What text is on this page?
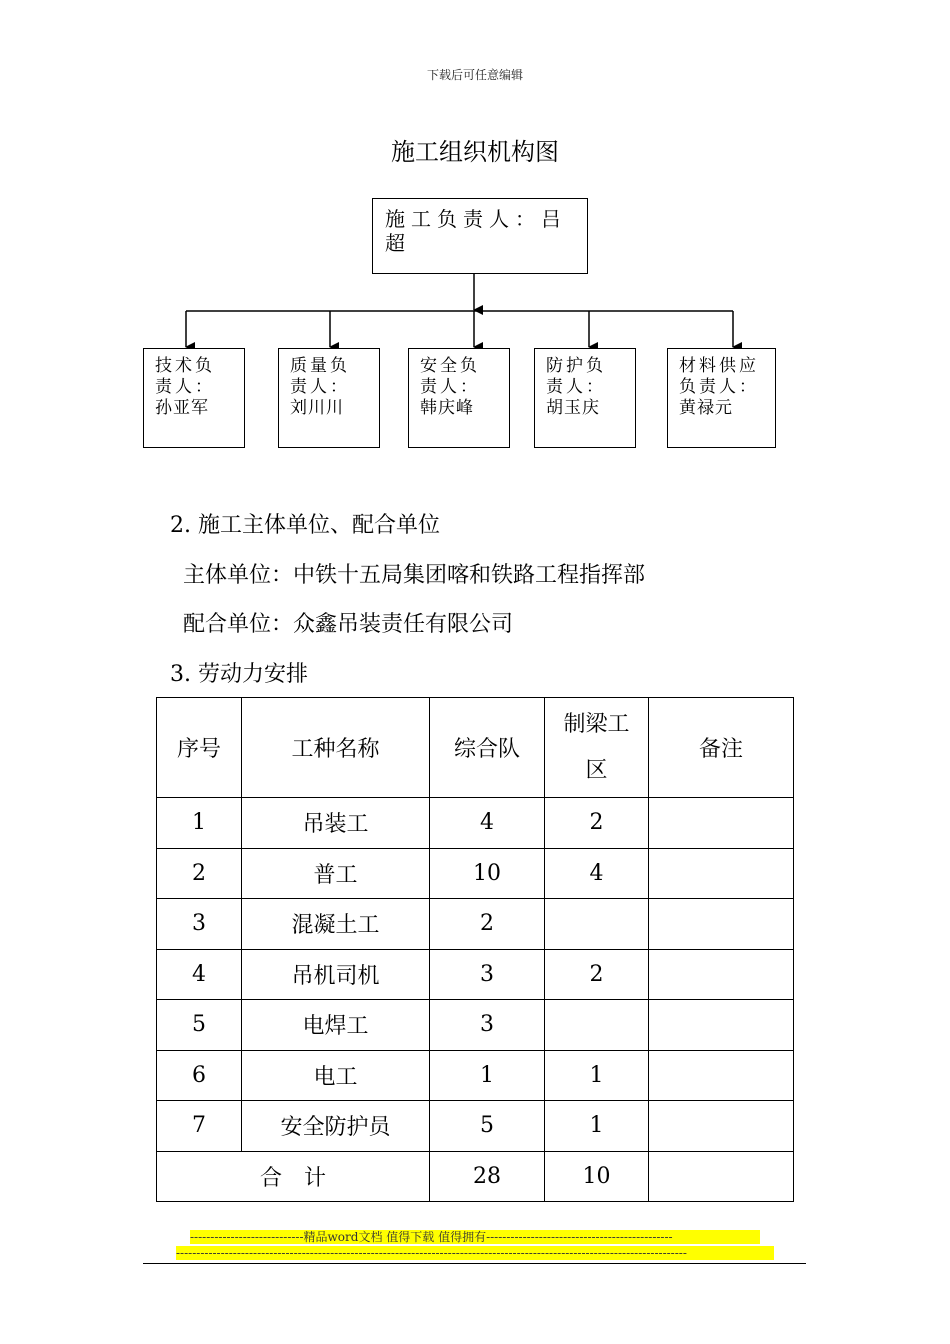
下载后可任意编辑
施工组织机构图
施工负责人：吕超
技术负责人：
孙亚军
质量负责人：
刘川川
安全负责人：
韩庆峰
防护负责人：
胡玉庆
材料供应负责人：
黄禄元
2. 施工主体单位、配合单位
主体单位：中铁十五局集团喀和铁路工程指挥部
配合单位：众鑫吊装责任有限公司
3. 劳动力安排
序号	工种名称	综合队	制梁工区	备注
1	吊装工	4	2	
2	普工	10	4	
3	混凝土工	2		
4	吊机司机	3	2	
5	电焊工	3		
6	电工	1	1	
7	安全防护员	5	1	
合　计		28	10	
----------------------------精品word文档 值得下载 值得拥有----------------------------------------------
------------------------------------------------------------------------------------------------------------------------------
